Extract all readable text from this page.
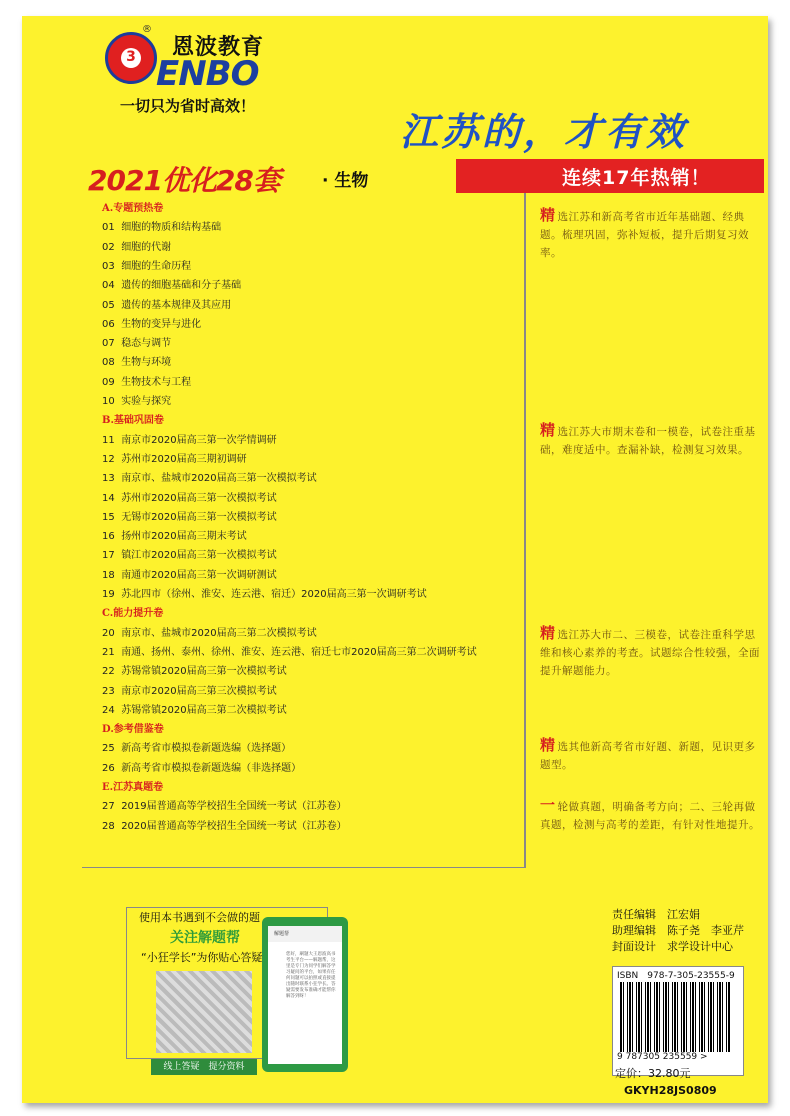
3
®
恩波教育
ENBO
一切只为省时高效！
江苏的，才有效
2021优化28套 · 生物	连续17年热销！
A.专题预热卷
01 细胞的物质和结构基础
02 细胞的代谢
03 细胞的生命历程
04 遗传的细胞基础和分子基础
05 遗传的基本规律及其应用
06 生物的变异与进化
07 稳态与调节
08 生物与环境
09 生物技术与工程
10 实验与探究
B.基础巩固卷
11 南京市2020届高三第一次学情调研
12 苏州市2020届高三期初调研
13 南京市、盐城市2020届高三第一次模拟考试
14 苏州市2020届高三第一次模拟考试
15 无锡市2020届高三第一次模拟考试
16 扬州市2020届高三期末考试
17 镇江市2020届高三第一次模拟考试
18 南通市2020届高三第一次调研测试
19 苏北四市（徐州、淮安、连云港、宿迁）2020届高三第一次调研考试
C.能力提升卷
20 南京市、盐城市2020届高三第二次模拟考试
21 南通、扬州、泰州、徐州、淮安、连云港、宿迁七市2020届高三第二次调研考试
22 苏锡常镇2020届高三第一次模拟考试
23 南京市2020届高三第三次模拟考试
24 苏锡常镇2020届高三第二次模拟考试
D.参考借鉴卷
25 新高考省市模拟卷新题选编（选择题）
26 新高考省市模拟卷新题选编（非选择题）
E.江苏真题卷
27 2019届普通高等学校招生全国统一考试（江苏卷）
28 2020届普通高等学校招生全国统一考试（江苏卷）
精 选江苏和新高考省市近年基础题、经典题。梳理巩固，弥补短板，提升后期复习效率。
精 选江苏大市期末卷和一模卷，试卷注重基础，难度适中。查漏补缺，检测复习效果。
精 选江苏大市二、三模卷，试卷注重科学思维和核心素养的考查。试题综合性较强，全面提升解题能力。
精 选其他新高考省市好题、新题，见识更多题型。
一 轮做真题，明确备考方向；二、三轮再做真题，检测与高考的差距，有针对性地提升。
使用本书遇到不会做的题
关注解题帮
“小狂学长”为你贴心答疑
线上答疑　 提分资料
解题帮
您好，刷题大王恩波高书考生平台——解题帮，这里是专门为同学们解答学习疑问的平台，如果有任何问题可以拍照或直接提出随时联系小狂学长。答疑需要发布准确才能帮你解答到呀！
责任编辑　 江宏娟
助理编辑　 陈子尧　李亚芹
封面设计　 求学设计中心
ISBN　978-7-305-23555-9
9 787305 235559 >
定价：32.80元
GKYH28JS0809
